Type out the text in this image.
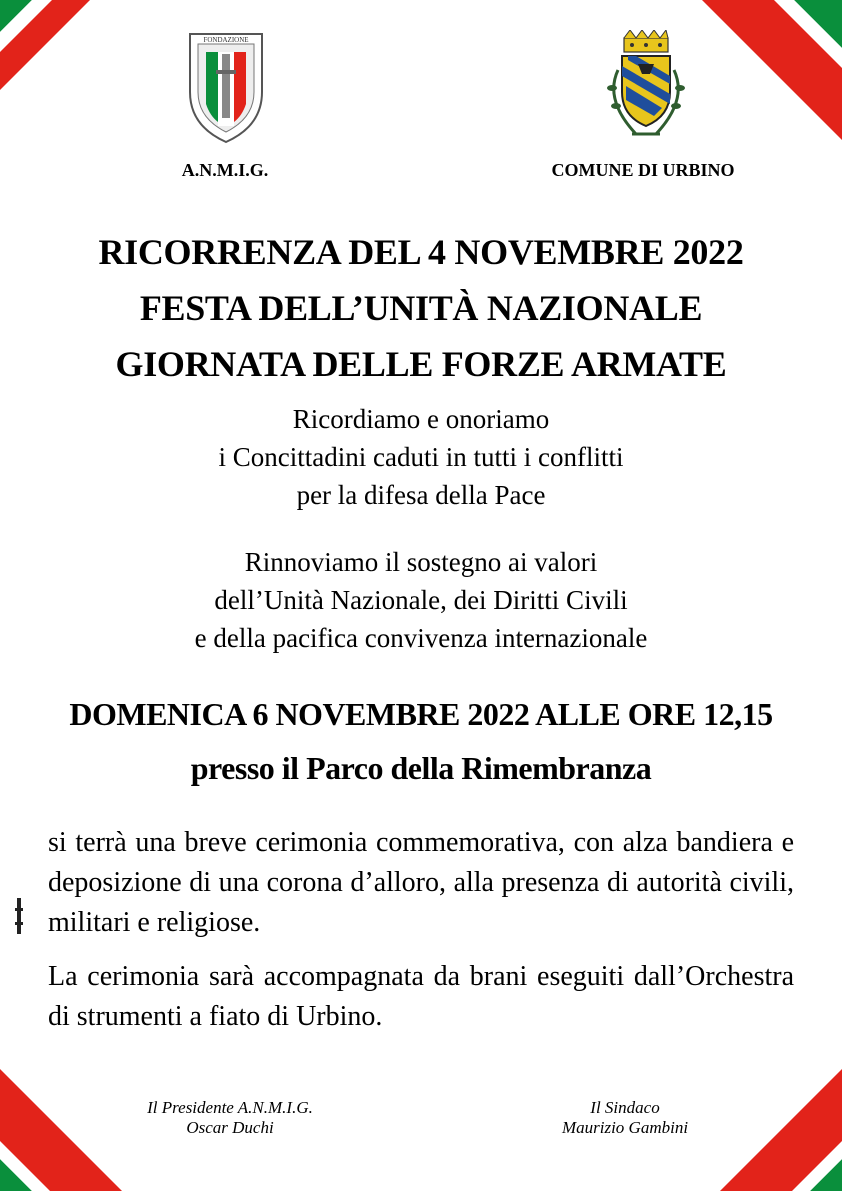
FONDAZIONE
A.N.M.I.G.	COMUNE DI URBINO
RICORRENZA DEL 4 NOVEMBRE 2022
FESTA DELL’UNITÀ NAZIONALE
GIORNATA DELLE FORZE ARMATE
Ricordiamo e onoriamo
i Concittadini caduti in tutti i conflitti
per la difesa della Pace
Rinnoviamo il sostegno ai valori
dell’Unità Nazionale, dei Diritti Civili
e della pacifica convivenza internazionale
DOMENICA 6 NOVEMBRE 2022 ALLE ORE 12,15
presso il Parco della Rimembranza

si terrà una breve cerimonia commemorativa, con alza bandiera e deposizione di una corona d’alloro, alla presenza di autorità civili, militari e religiose.

La cerimonia sarà accompagnata da brani eseguiti dall’Orchestra di strumenti a fiato di Urbino.

Il Presidente A.N.M.I.G.
Oscar Duchi
Il Sindaco
Maurizio Gambini
